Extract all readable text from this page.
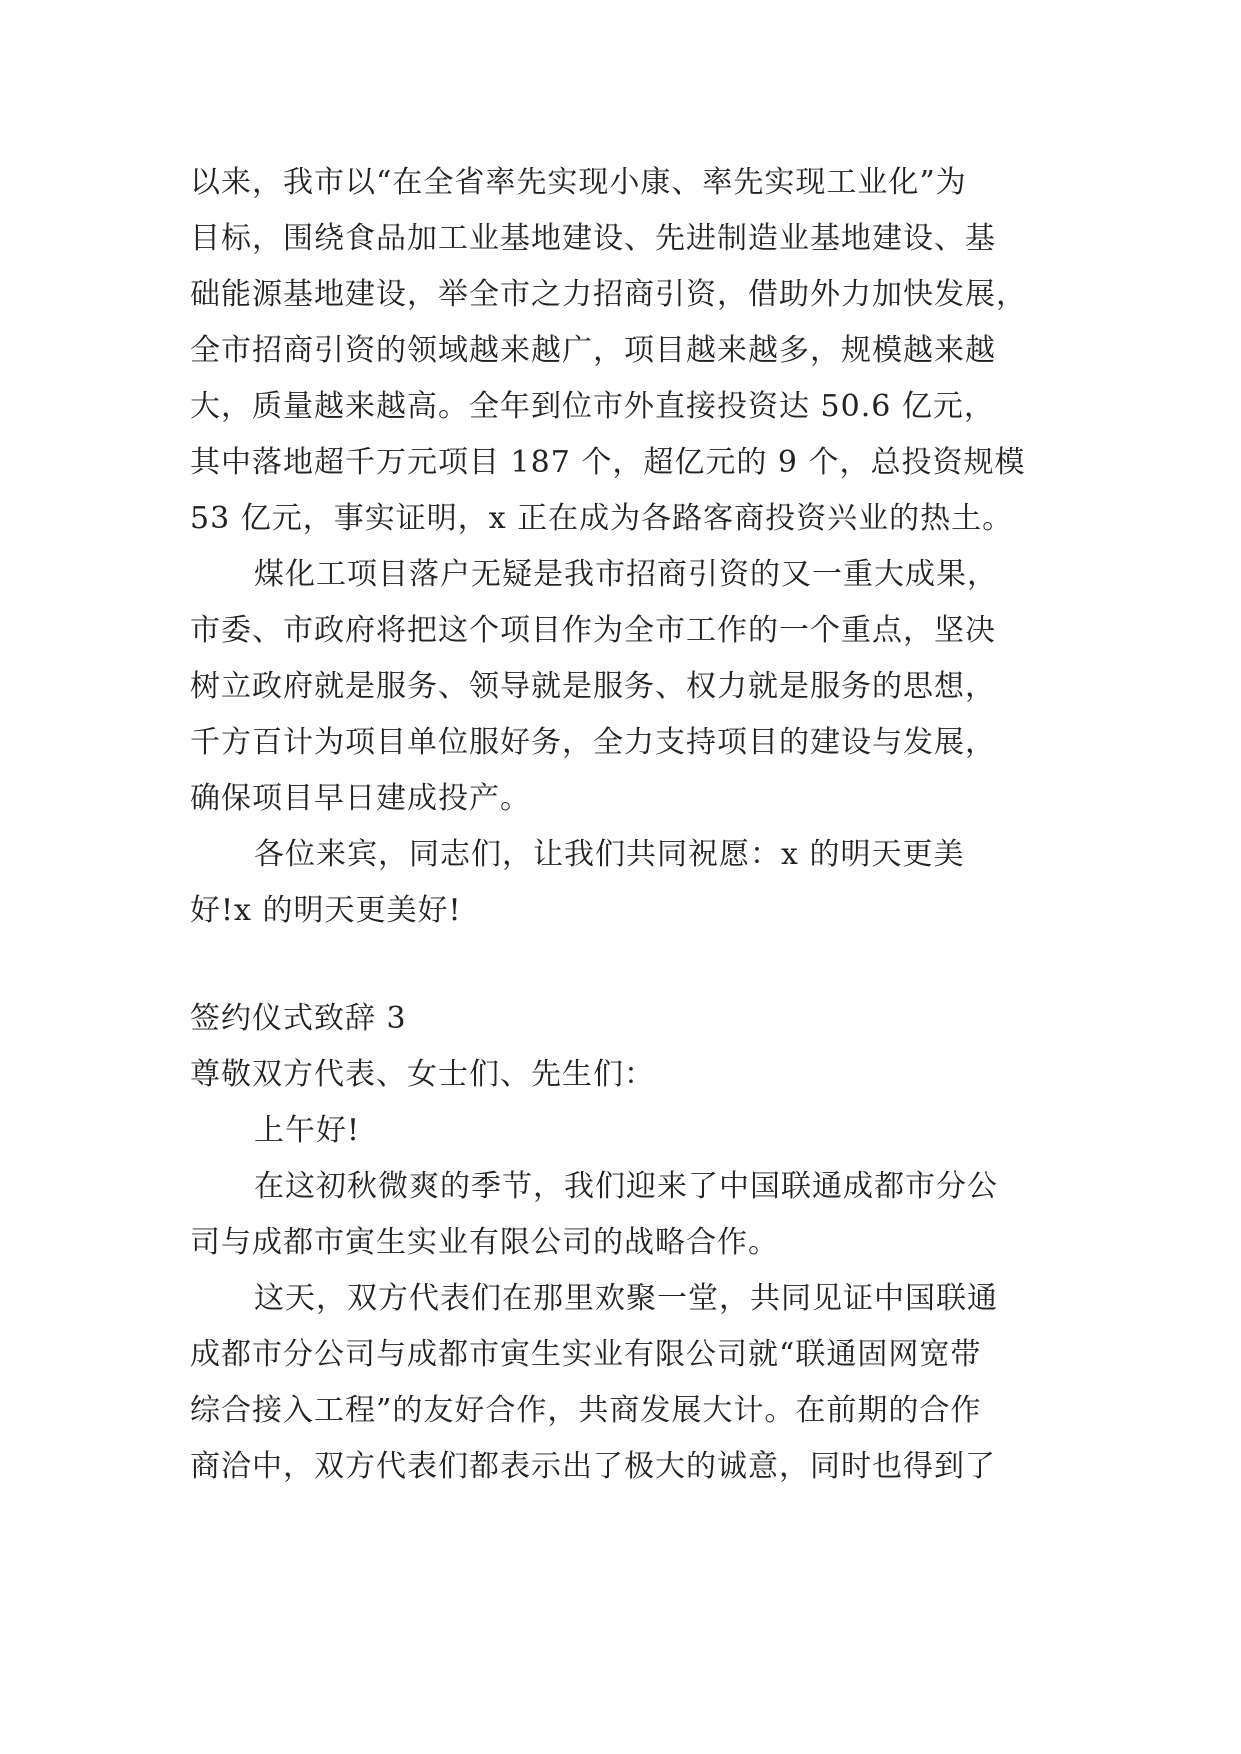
以来，我市以“在全省率先实现小康、率先实现工业化”为
目标，围绕食品加工业基地建设、先进制造业基地建设、基
础能源基地建设，举全市之力招商引资，借助外力加快发展，
全市招商引资的领域越来越广，项目越来越多，规模越来越
大，质量越来越高。全年到位市外直接投资达 50.6 亿元，
其中落地超千万元项目 187 个，超亿元的 9 个，总投资规模
53 亿元，事实证明，x 正在成为各路客商投资兴业的热土。
煤化工项目落户无疑是我市招商引资的又一重大成果，
市委、市政府将把这个项目作为全市工作的一个重点，坚决
树立政府就是服务、领导就是服务、权力就是服务的思想，
千方百计为项目单位服好务，全力支持项目的建设与发展，
确保项目早日建成投产。
各位来宾，同志们，让我们共同祝愿：x 的明天更美
好!x 的明天更美好!
签约仪式致辞 3
尊敬双方代表、女士们、先生们：
上午好!
在这初秋微爽的季节，我们迎来了中国联通成都市分公
司与成都市寅生实业有限公司的战略合作。
这天，双方代表们在那里欢聚一堂，共同见证中国联通
成都市分公司与成都市寅生实业有限公司就“联通固网宽带
综合接入工程”的友好合作，共商发展大计。在前期的合作
商洽中，双方代表们都表示出了极大的诚意，同时也得到了
